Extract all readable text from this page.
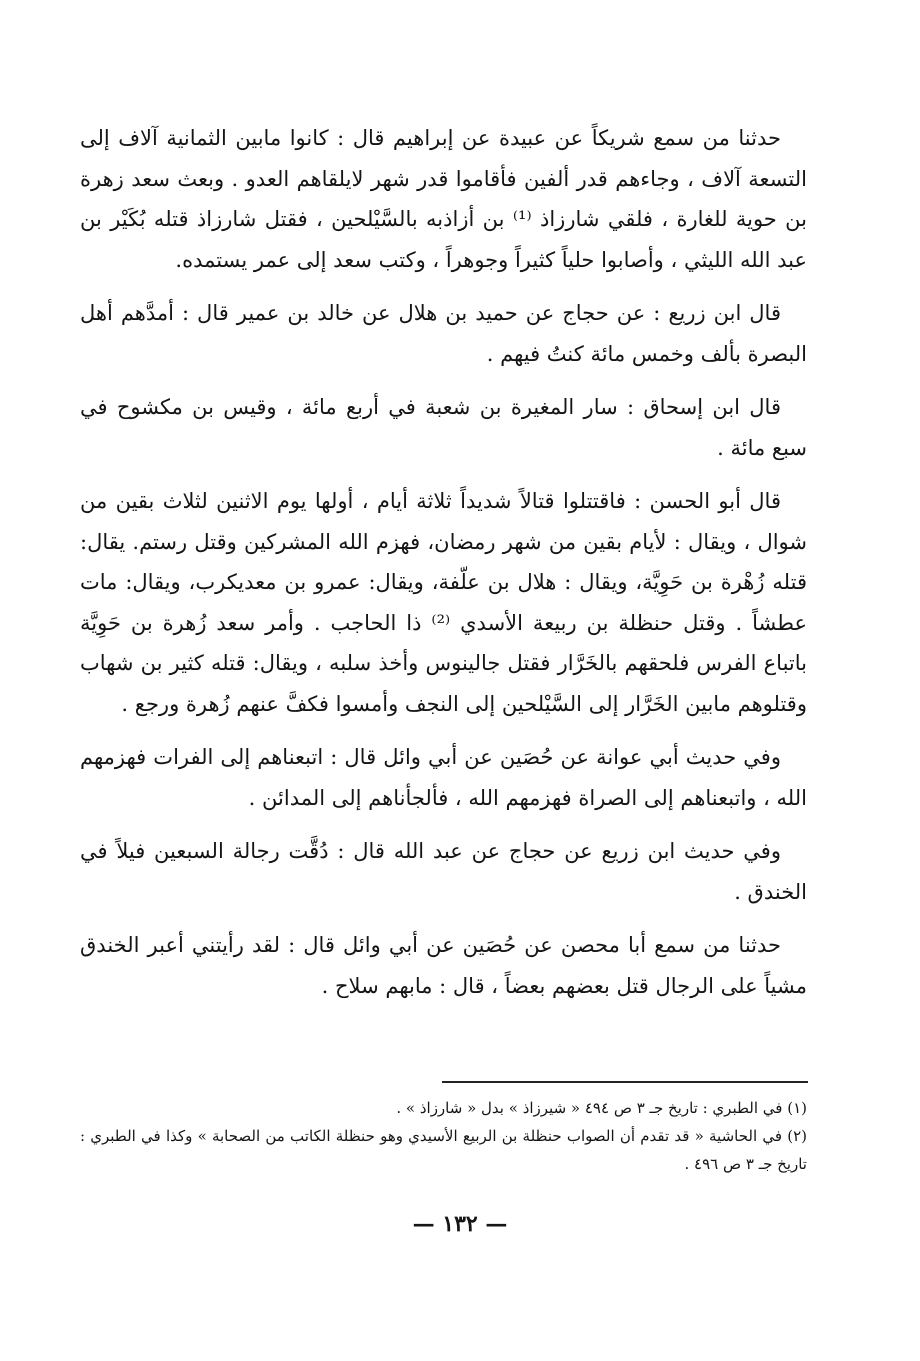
حدثنا من سمع شريكاً عن عبيدة عن إبراهيم قال : كانوا مابين الثمانية آلاف إلى التسعة آلاف ، وجاءهم قدر ألفين فأقاموا قدر شهر لايلقاهم العدو . وبعث سعد زهرة بن حوية للغارة ، فلقي شارزاذ ⁽¹⁾ بن أزاذبه بالسَّيْلحين ، فقتل شارزاذ قتله بُكَيْر بن عبد الله الليثي ، وأصابوا حلياً كثيراً وجوهراً ، وكتب سعد إلى عمر يستمده.

قال ابن زريع : عن حجاج عن حميد بن هلال عن خالد بن عمير قال : أمدَّهم أهل البصرة بألف وخمس مائة كنتُ فيهم .

قال ابن إسحاق : سار المغيرة بن شعبة في أربع مائة ، وقيس بن مكشوح في سبع مائة .

قال أبو الحسن : فاقتتلوا قتالاً شديداً ثلاثة أيام ، أولها يوم الاثنين لثلاث بقين من شوال ، ويقال : لأيام بقين من شهر رمضان، فهزم الله المشركين وقتل رستم. يقال: قتله زُهْرة بن حَوِيَّة، ويقال : هلال بن علّفة، ويقال: عمرو بن معديكرب، ويقال: مات عطشاً . وقتل حنظلة بن ربيعة الأسدي ⁽²⁾ ذا الحاجب . وأمر سعد زُهرة بن حَوِيَّة باتباع الفرس فلحقهم بالخَرَّار فقتل جالينوس وأخذ سلبه ، ويقال: قتله كثير بن شهاب وقتلوهم مابين الخَرَّار إلى السَّيْلحين إلى النجف وأمسوا فكفَّ عنهم زُهرة ورجع .

وفي حديث أبي عوانة عن حُصَين عن أبي وائل قال : اتبعناهم إلى الفرات فهزمهم الله ، واتبعناهم إلى الصراة فهزمهم الله ، فألجأناهم إلى المدائن .

وفي حديث ابن زريع عن حجاج عن عبد الله قال : دُقَّت رجالة السبعين فيلاً في الخندق .

حدثنا من سمع أبا محصن عن حُصَين عن أبي وائل قال : لقد رأيتني أعبر الخندق مشياً على الرجال قتل بعضهم بعضاً ، قال : مابهم سلاح .

(١) في الطبري : تاريخ جـ ٣ ص ٤٩٤ « شيرزاذ » بدل « شارزاذ » .

(٢) في الحاشية « قد تقدم أن الصواب حنظلة بن الربيع الأسيدي وهو حنظلة الكاتب من الصحابة » وكذا في الطبري : تاريخ جـ ٣ ص ٤٩٦ .

— ١٣٢ —
